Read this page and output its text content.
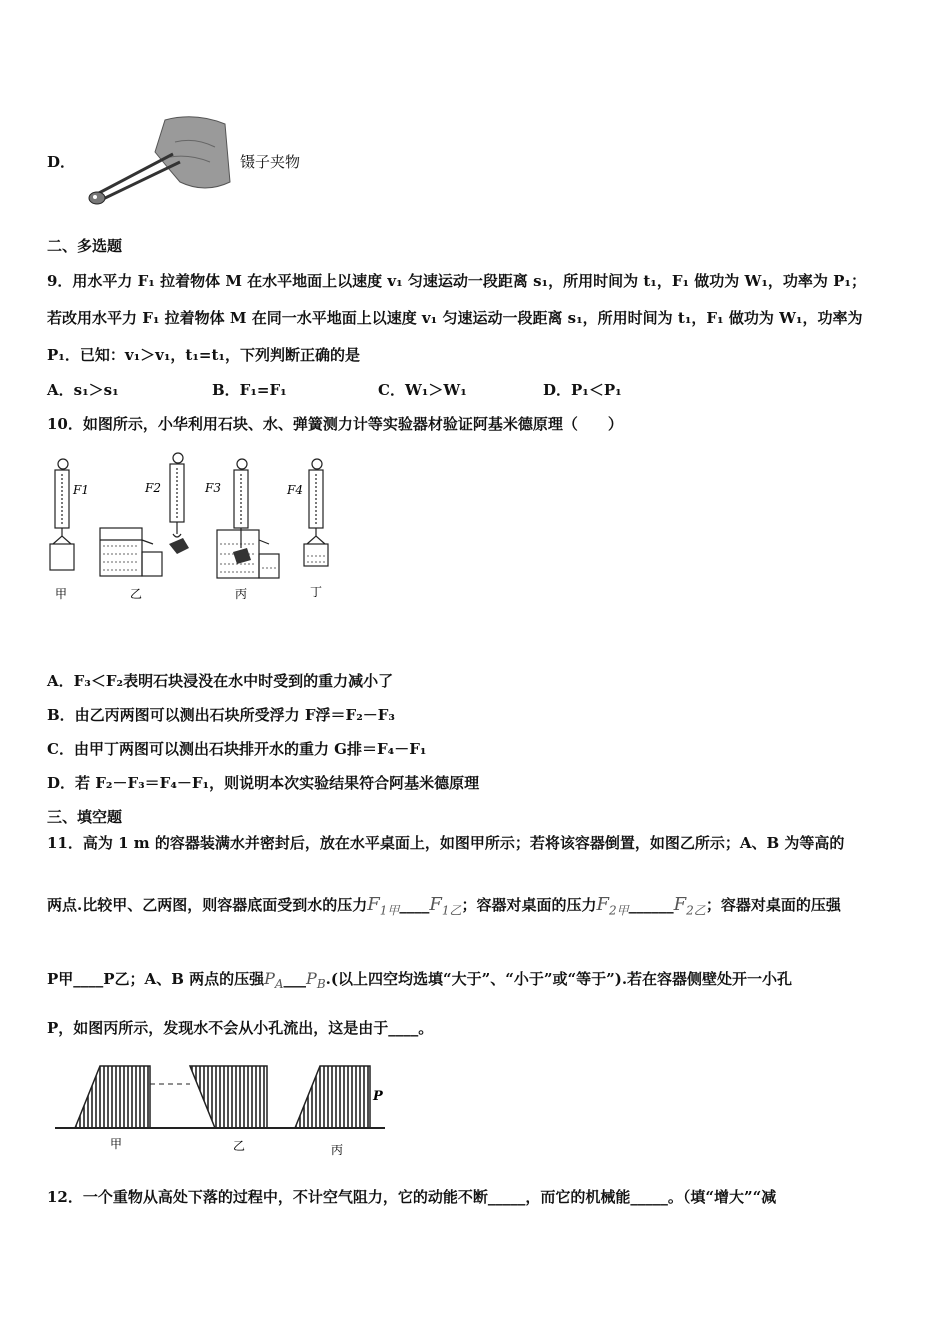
D．	镊子夹物
二、多选题
9．用水平力 F₁ 拉着物体 M 在水平地面上以速度 v₁ 匀速运动一段距离 s₁，所用时间为 t₁，F₁ 做功为 W₁，功率为 P₁；
若改用水平力 F₁ 拉着物体 M 在同一水平地面上以速度 v₁ 匀速运动一段距离 s₁，所用时间为 t₁，F₁ 做功为 W₁，功率为
P₁．已知：v₁＞v₁，t₁=t₁，下列判断正确的是
A．s₁＞s₁	B．F₁=F₁	C．W₁＞W₁	D．P₁＜P₁
10．如图所示，小华利用石块、水、弹簧测力计等实验器材验证阿基米德原理（　　）
F1
甲
F2
乙
F3
丙
F4
丁
A．F₃＜F₂表明石块浸没在水中时受到的重力减小了
B．由乙丙两图可以测出石块所受浮力 F浮＝F₂－F₃
C．由甲丁两图可以测出石块排开水的重力 G排＝F₄－F₁
D．若 F₂－F₃＝F₄－F₁，则说明本次实验结果符合阿基米德原理
三、填空题
11．高为 1 m 的容器装满水并密封后，放在水平桌面上，如图甲所示；若将该容器倒置，如图乙所示；A、B 为等高的
两点.比较甲、乙两图，则容器底面受到水的压力$F_{1甲}\_\_\_\_F_{1乙}$；容器对桌面的压力$F_{2甲}\_\_\_\_\_\_F_{2乙}$；容器对桌面的压强
P甲____P乙；A、B 两点的压强$P_A\_\_\_P_B$.(以上四空均选填“大于”、“小于”或“等于”).若在容器侧壁处开一小孔
P，如图丙所示，发现水不会从小孔流出，这是由于____。
P
甲	乙	丙
12．一个重物从高处下落的过程中，不计空气阻力，它的动能不断_____，而它的机械能_____。（填“增大”“减
